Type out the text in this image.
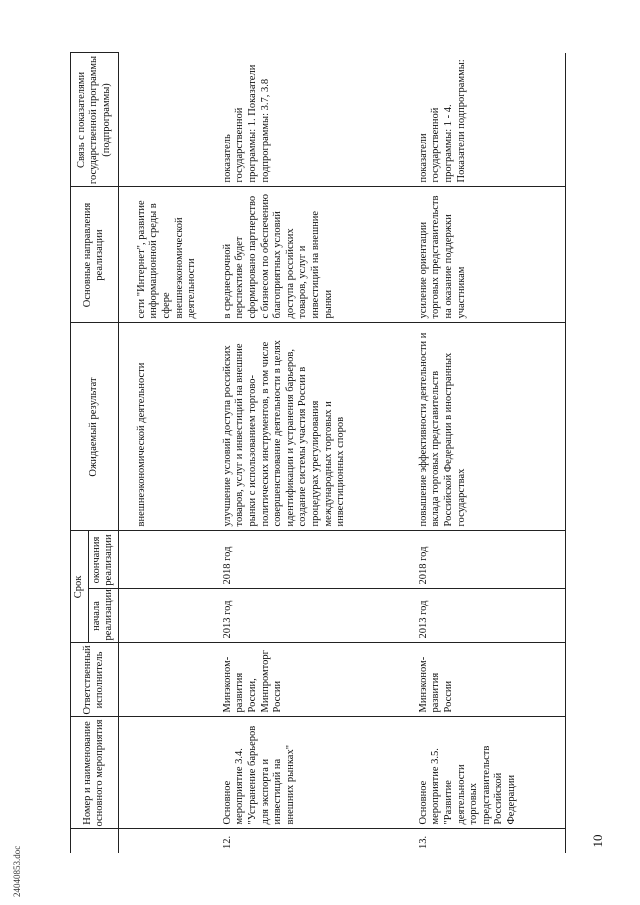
10
24040853.doc
	Номер и наименование основного мероприятия	Ответственный исполнитель	Срок		Ожидаемый результат	Основные направления реализации	Связь с показателями государственной программы (подпрограммы)
			начала реализации	окончания реализации			

					внешнеэкономической деятельности	сети "Интернет", развитие информационной среды в сфере внешнеэкономической деятельности	
12.	Основное мероприятие 3.4. "Устранение барьеров для экспорта и инвестиций на внешних рынках"	Минэконом- развития России, Минпромторг России	2013 год	2018 год	улучшение условий доступа российских товаров, услуг и инвестиций на внешние рынки с использованием торгово-политических инструментов, в том числе совершенствование деятельности в целях идентификации и устранения барьеров, создание системы участия России в процедурах урегулирования международных торговых и инвестиционных споров	в среднесрочной перспективе будет сформировано партнерство с бизнесом по обеспечению благоприятных условий доступа российских товаров, услуг и инвестиций на внешние рынки	показатель государственной программы: 1. Показатели подпрограммы: 3.7, 3.8
13.	Основное мероприятие 3.5. "Развитие деятельности торговых представительств Российской Федерации	Минэконом- развития России	2013 год	2018 год	повышение эффективности деятельности и вклада торговых представительств Российской Федерации в иностранных государствах	усиление ориентации торговых представительств на оказание поддержки участникам	показатели государственной программы: 1 - 4. Показатели подпрограммы:
